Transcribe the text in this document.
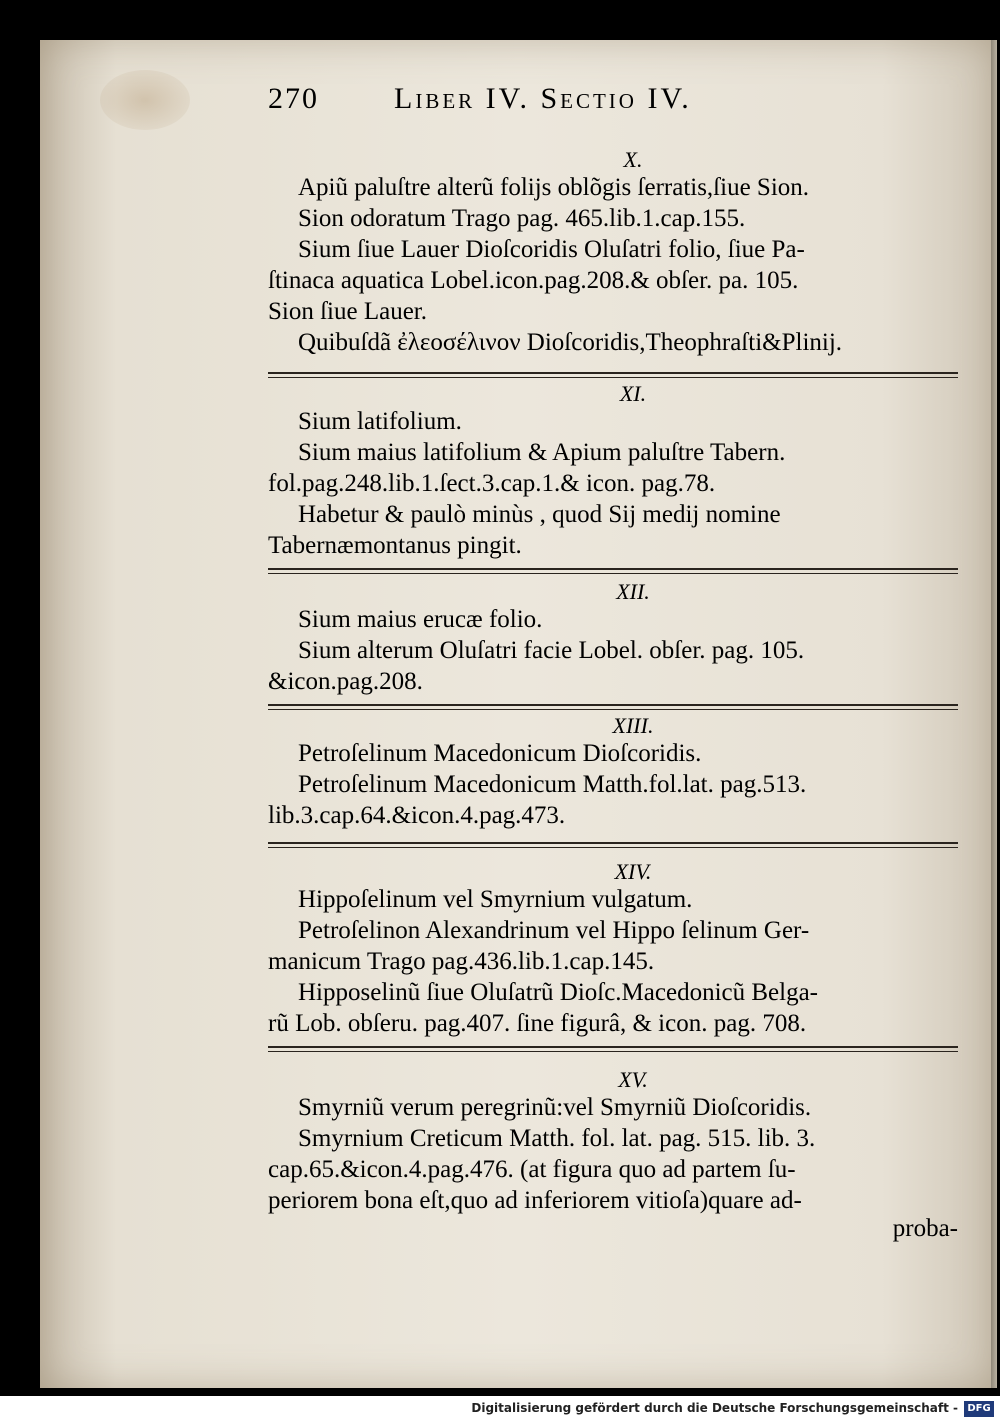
270	Liber IV. Sectio IV.
X.
Apiũ paluſtre alterũ folijs oblõgis ſerratis,ſiue Sion.
Sion odoratum Trago pag. 465.lib.1.cap.155.
Sium ſiue Lauer Dioſcoridis Oluſatri folio, ſiue Pa-
ſtinaca aquatica Lobel.icon.pag.208.& obſer. pa. 105.
Sion ſiue Lauer.
Quibuſdã ἐλεοσέλινον Dioſcoridis,Theophraſti&Plinij.
XI.
Sium latifolium.
Sium maius latifolium & Apium paluſtre Tabern.
fol.pag.248.lib.1.ſect.3.cap.1.& icon. pag.78.
Habetur & paulò minùs , quod Sij medij nomine
Tabernæmontanus pingit.
XII.
Sium maius erucæ folio.
Sium alterum Oluſatri facie Lobel. obſer. pag. 105.
&icon.pag.208.
XIII.
Petroſelinum Macedonicum Dioſcoridis.
Petroſelinum Macedonicum Matth.fol.lat. pag.513.
lib.3.cap.64.&icon.4.pag.473.
XIV.
Hippoſelinum vel Smyrnium vulgatum.
Petroſelinon Alexandrinum vel Hippo ſelinum Ger-
manicum Trago pag.436.lib.1.cap.145.
Hipposelinũ ſiue Oluſatrũ Dioſc.Macedonicũ Belga-
rũ Lob. obſeru. pag.407. ſine figurâ, & icon. pag. 708.
XV.
Smyrniũ verum peregrinũ:vel Smyrniũ Dioſcoridis.
Smyrnium Creticum Matth. fol. lat. pag. 515. lib. 3.
cap.65.&icon.4.pag.476. (at figura quo ad partem ſu-
periorem bona eſt,quo ad inferiorem vitioſa)quare ad-
proba-
Digitalisierung gefördert durch die Deutsche Forschungsgemeinschaft - DFG
